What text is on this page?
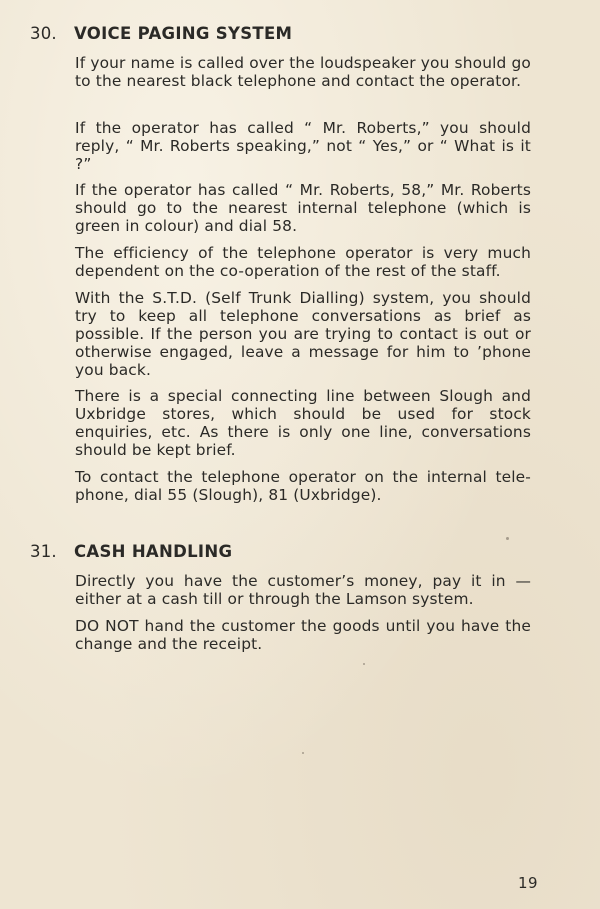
30. VOICE PAGING SYSTEM

If your name is called over the loudspeaker you should go to the nearest black telephone and contact the operator.

If the operator has called “ Mr. Roberts,” you should reply, “ Mr. Roberts speaking,” not “ Yes,” or “ What is it ?”

If the operator has called “ Mr. Roberts, 58,” Mr. Roberts should go to the nearest internal telephone (which is green in colour) and dial 58.

The efficiency of the telephone operator is very much dependent on the co-operation of the rest of the staff.

With the S.T.D. (Self Trunk Dialling) system, you should try to keep all telephone conversations as brief as possible. If the person you are trying to contact is out or otherwise engaged, leave a message for him to ’phone you back.

There is a special connecting line between Slough and Uxbridge stores, which should be used for stock enquiries, etc. As there is only one line, conversations should be kept brief.

To contact the telephone operator on the internal tele-phone, dial 55 (Slough), 81 (Uxbridge).

31. CASH HANDLING

Directly you have the customer’s money, pay it in — either at a cash till or through the Lamson system.

DO NOT hand the customer the goods until you have the change and the receipt.

19
